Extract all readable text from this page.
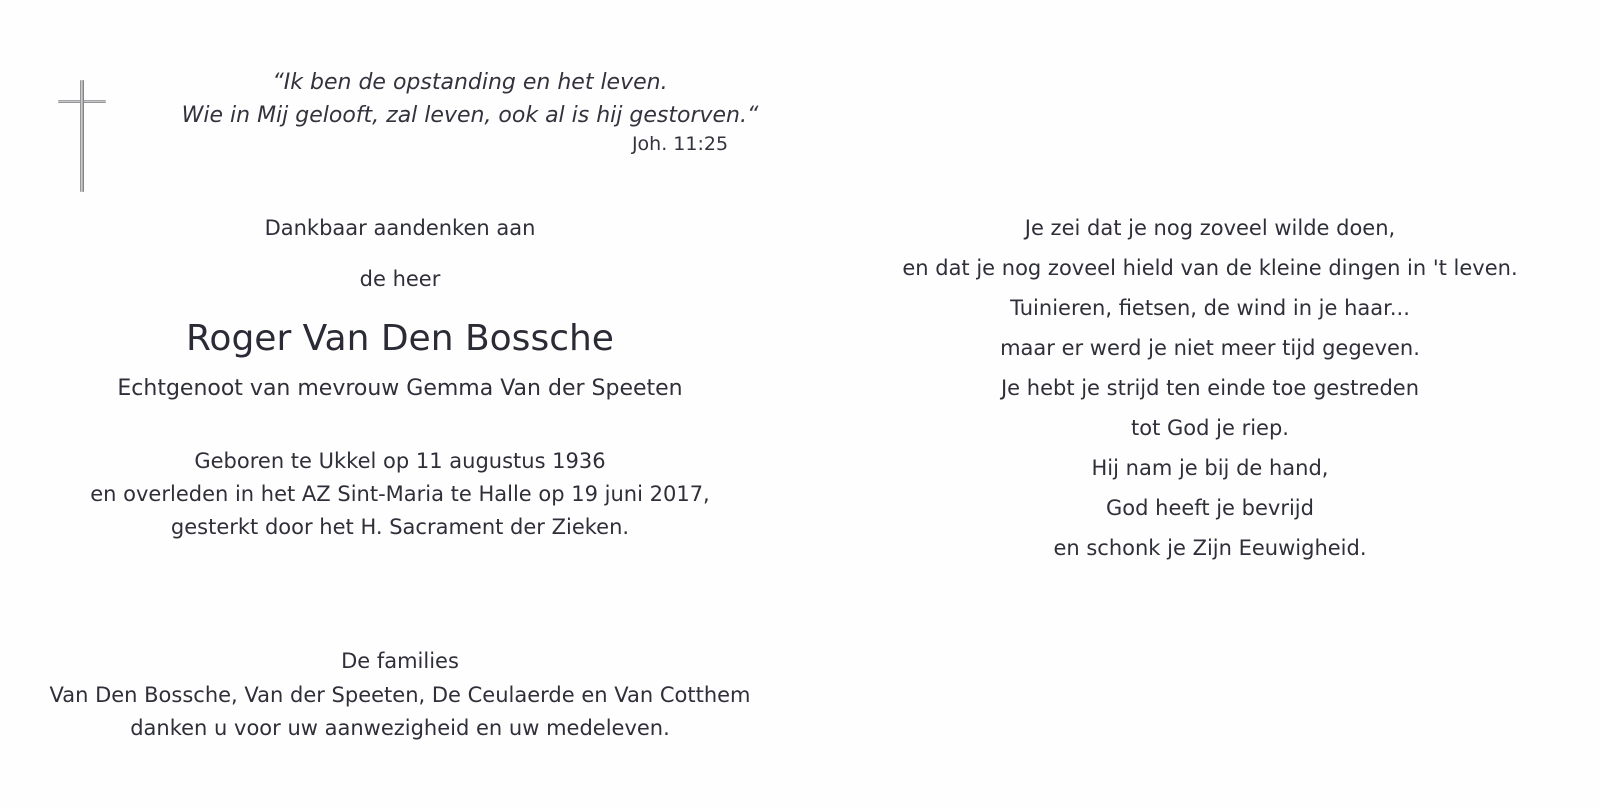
“Ik ben de opstanding en het leven.
Wie in Mij gelooft, zal leven, ook al is hij gestorven.“
Joh. 11:25
Dankbaar aandenken aan
de heer
Roger Van Den Bossche
Echtgenoot van mevrouw Gemma Van der Speeten
Geboren te Ukkel op 11 augustus 1936
en overleden in het AZ Sint-Maria te Halle op 19 juni 2017,
gesterkt door het H. Sacrament der Zieken.
De families
Van Den Bossche, Van der Speeten, De Ceulaerde en Van Cotthem
danken u voor uw aanwezigheid en uw medeleven.
Je zei dat je nog zoveel wilde doen,
en dat je nog zoveel hield van de kleine dingen in 't leven.
Tuinieren, fietsen, de wind in je haar...
maar er werd je niet meer tijd gegeven.
Je hebt je strijd ten einde toe gestreden
tot God je riep.
Hij nam je bij de hand,
God heeft je bevrijd
en schonk je Zijn Eeuwigheid.
